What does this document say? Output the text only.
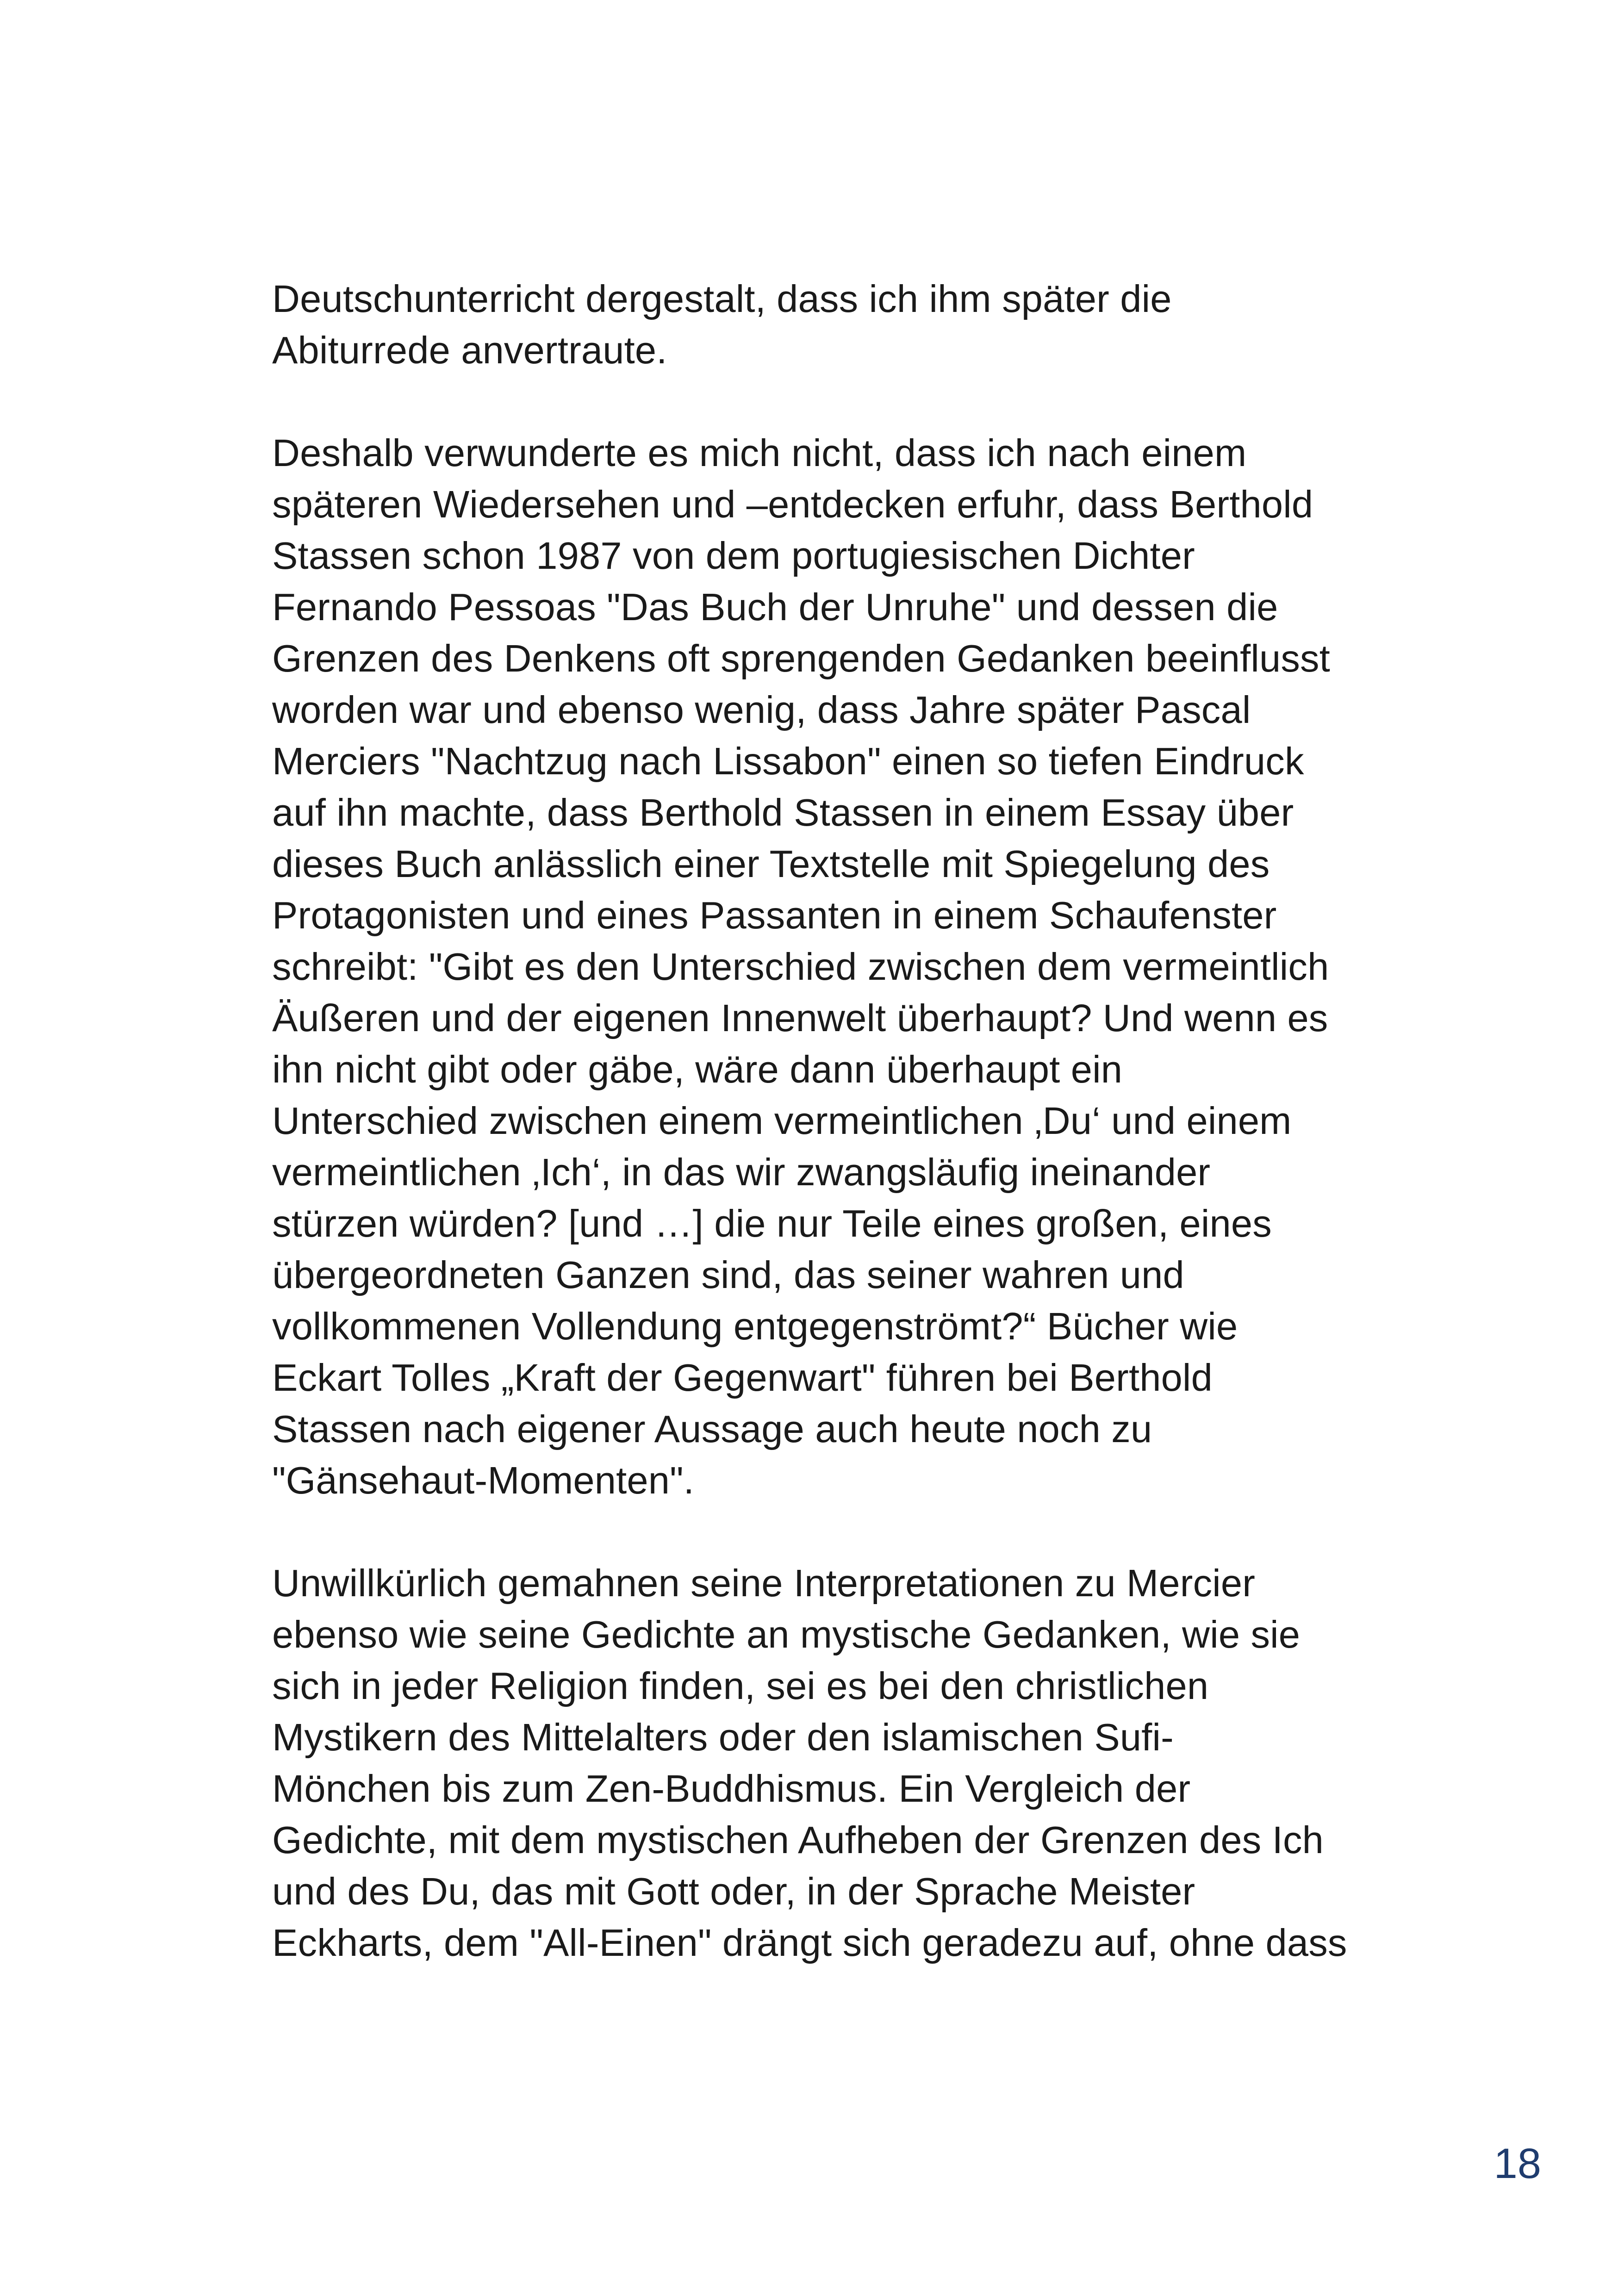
Deutschunterricht dergestalt, dass ich ihm später die
Abiturrede anvertraute.
Deshalb verwunderte es mich nicht, dass ich nach einem
späteren Wiedersehen und –entdecken erfuhr, dass Berthold
Stassen schon 1987 von dem portugiesischen Dichter
Fernando Pessoas "Das Buch der Unruhe" und dessen die
Grenzen des Denkens oft sprengenden Gedanken beeinflusst
worden war und ebenso wenig, dass Jahre später Pascal
Merciers "Nachtzug nach Lissabon" einen so tiefen Eindruck
auf ihn machte, dass Berthold Stassen in einem Essay über
dieses Buch anlässlich einer Textstelle mit Spiegelung des
Protagonisten und eines Passanten in einem Schaufenster
schreibt: "Gibt es den Unterschied zwischen dem vermeintlich
Äußeren und der eigenen Innenwelt überhaupt? Und wenn es
ihn nicht gibt oder gäbe, wäre dann überhaupt ein
Unterschied zwischen einem vermeintlichen ‚Du‘ und einem
vermeintlichen ‚Ich‘, in das wir zwangsläufig ineinander
stürzen würden? [und …] die nur Teile eines großen, eines
übergeordneten Ganzen sind, das seiner wahren und
vollkommenen Vollendung entgegenströmt?“ Bücher wie
Eckart Tolles „Kraft der Gegenwart" führen bei Berthold
Stassen nach eigener Aussage auch heute noch zu
"Gänsehaut-Momenten".
Unwillkürlich gemahnen seine Interpretationen zu Mercier
ebenso wie seine Gedichte an mystische Gedanken, wie sie
sich in jeder Religion finden, sei es bei den christlichen
Mystikern des Mittelalters oder den islamischen Sufi-
Mönchen bis zum Zen-Buddhismus. Ein Vergleich der
Gedichte, mit dem mystischen Aufheben der Grenzen des Ich
und des Du, das mit Gott oder, in der Sprache Meister
Eckharts, dem "All-Einen" drängt sich geradezu auf, ohne dass
18
